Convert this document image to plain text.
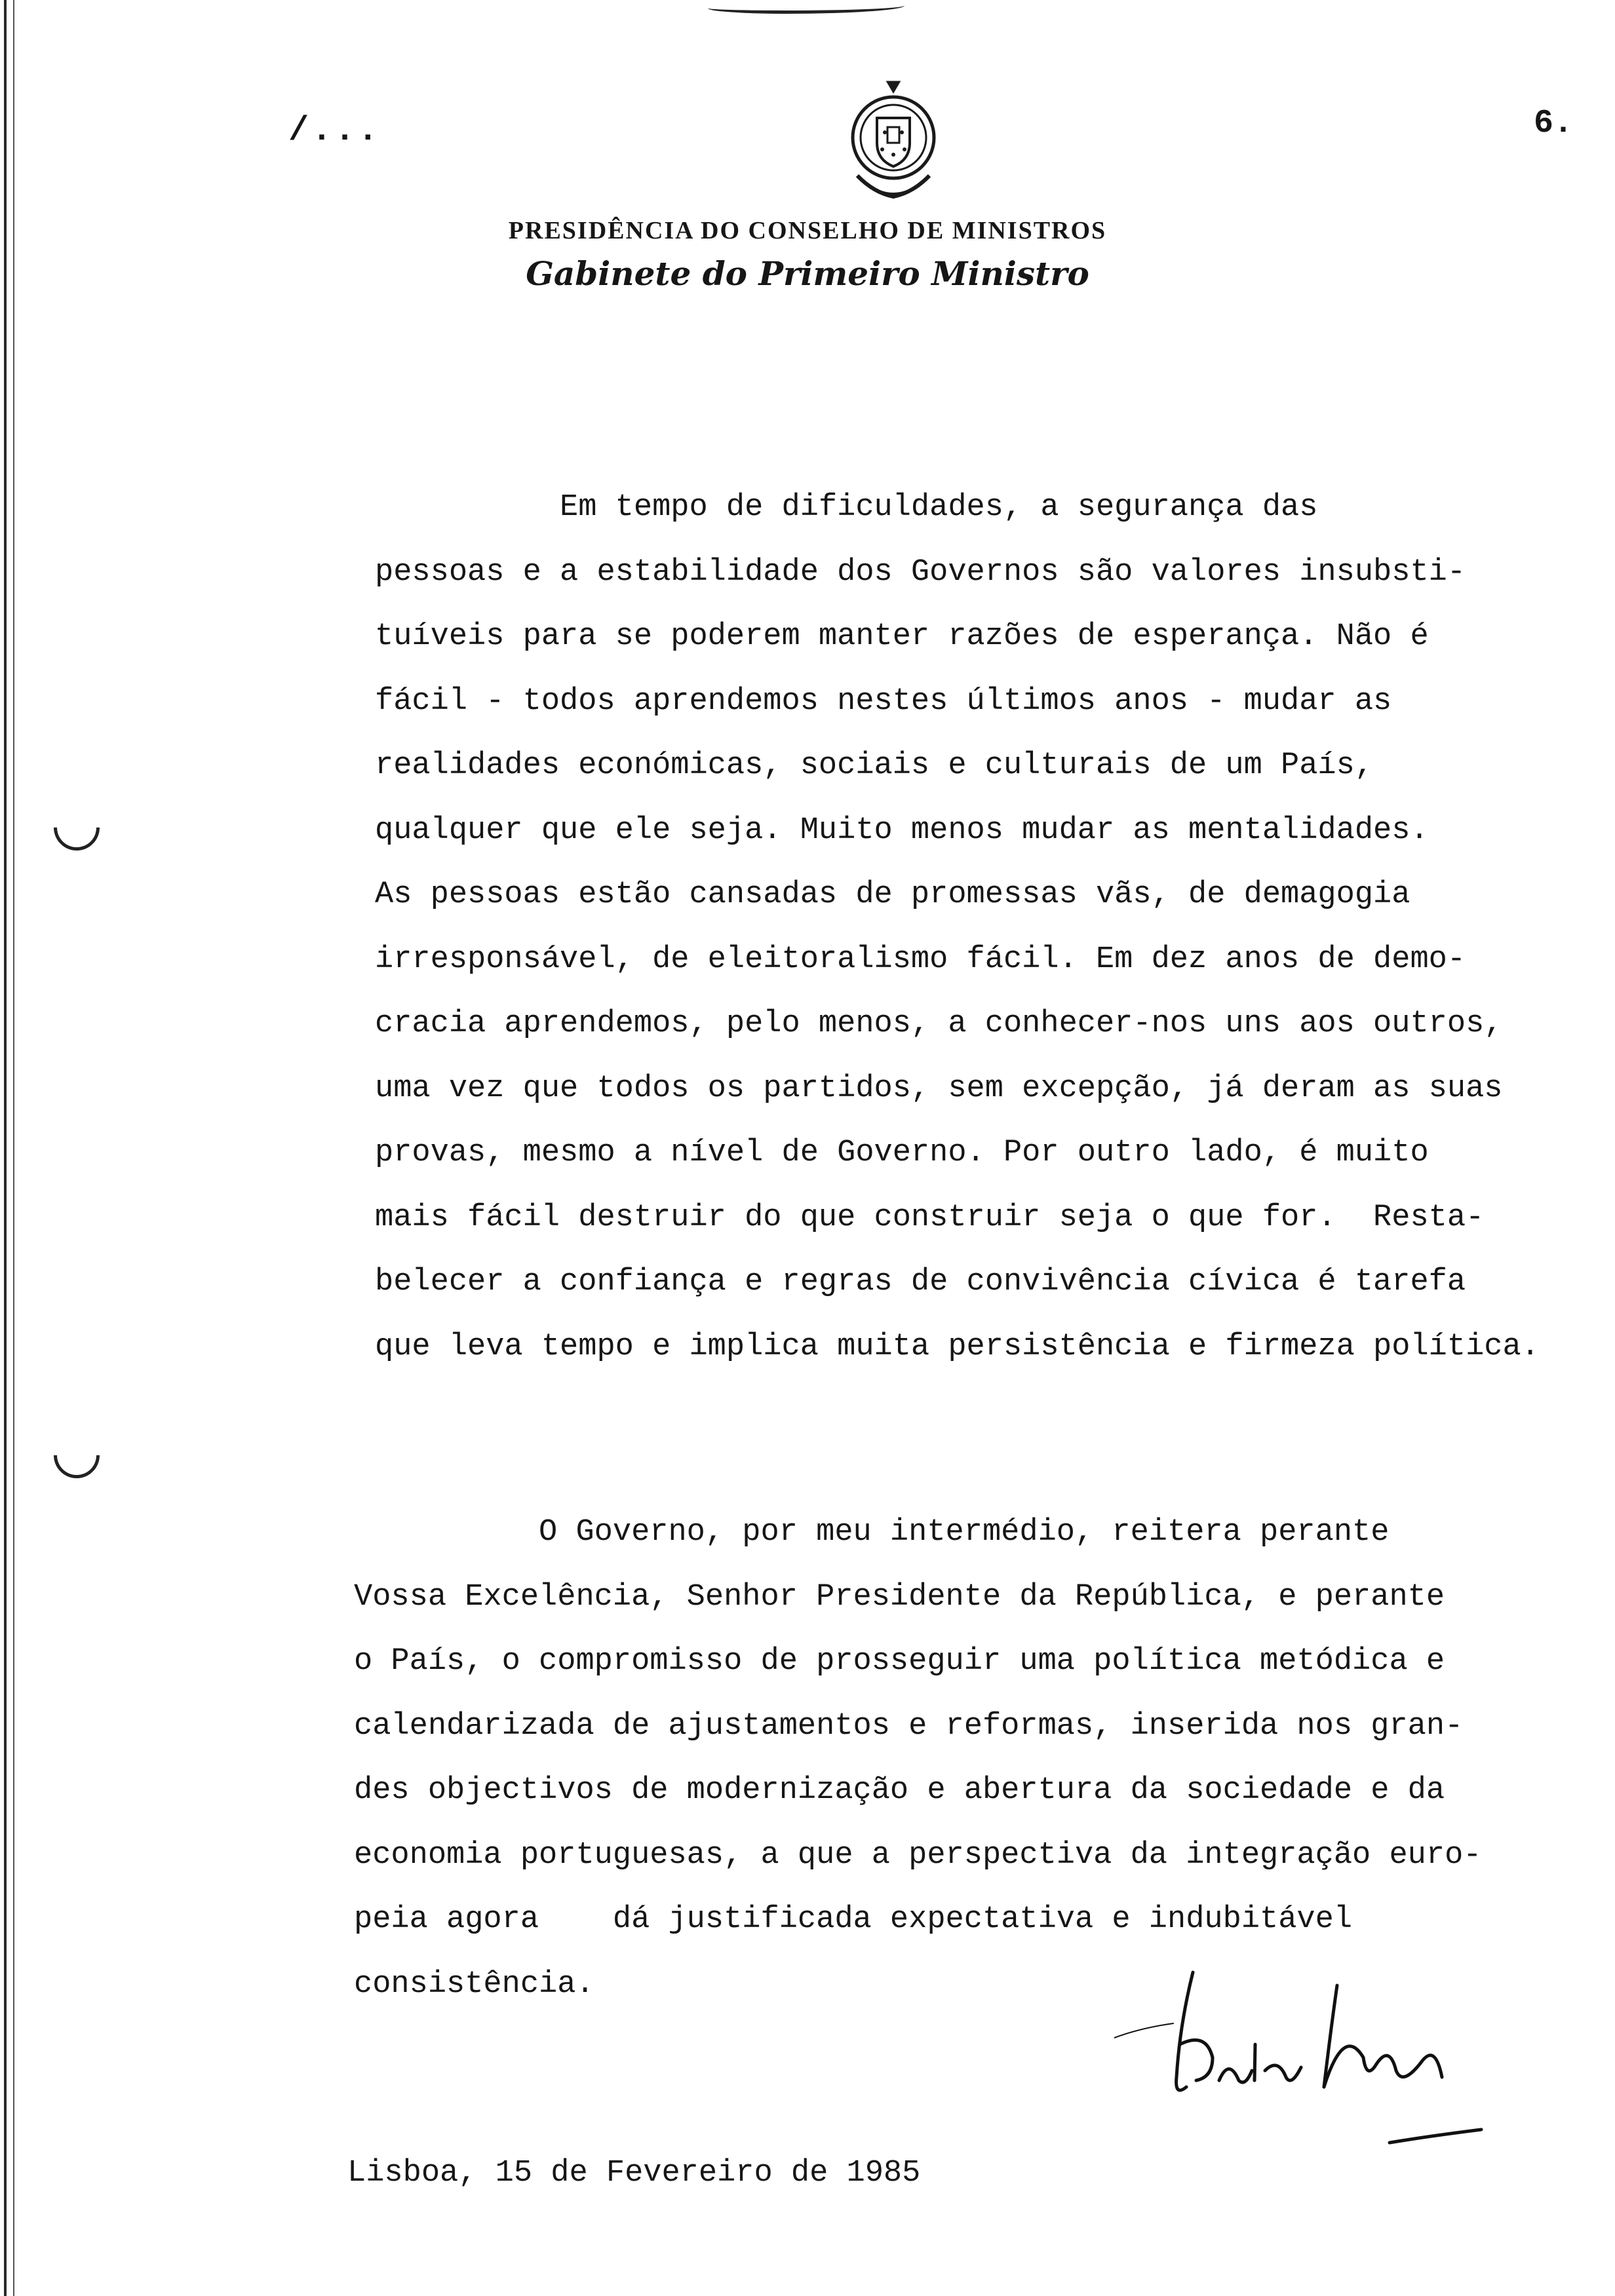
/...	6.
PRESIDÊNCIA DO CONSELHO DE MINISTROS
Gabinete do Primeiro Ministro

Em tempo de dificuldades, a segurança das
pessoas e a estabilidade dos Governos são valores insubsti-
tuíveis para se poderem manter razões de esperança. Não é
fácil - todos aprendemos nestes últimos anos - mudar as
realidades económicas, sociais e culturais de um País,
qualquer que ele seja. Muito menos mudar as mentalidades.
As pessoas estão cansadas de promessas vãs, de demagogia
irresponsável, de eleitoralismo fácil. Em dez anos de demo-
cracia aprendemos, pelo menos, a conhecer-nos uns aos outros,
uma vez que todos os partidos, sem excepção, já deram as suas
provas, mesmo a nível de Governo. Por outro lado, é muito
mais fácil destruir do que construir seja o que for.  Resta-
belecer a confiança e regras de convivência cívica é tarefa
que leva tempo e implica muita persistência e firmeza política.

O Governo, por meu intermédio, reitera perante
Vossa Excelência, Senhor Presidente da República, e perante
o País, o compromisso de prosseguir uma política metódica e
calendarizada de ajustamentos e reformas, inserida nos gran-
des objectivos de modernização e abertura da sociedade e da
economia portuguesas, a que a perspectiva da integração euro-
peia agora    dá justificada expectativa e indubitável
consistência.

Lisboa, 15 de Fevereiro de 1985
